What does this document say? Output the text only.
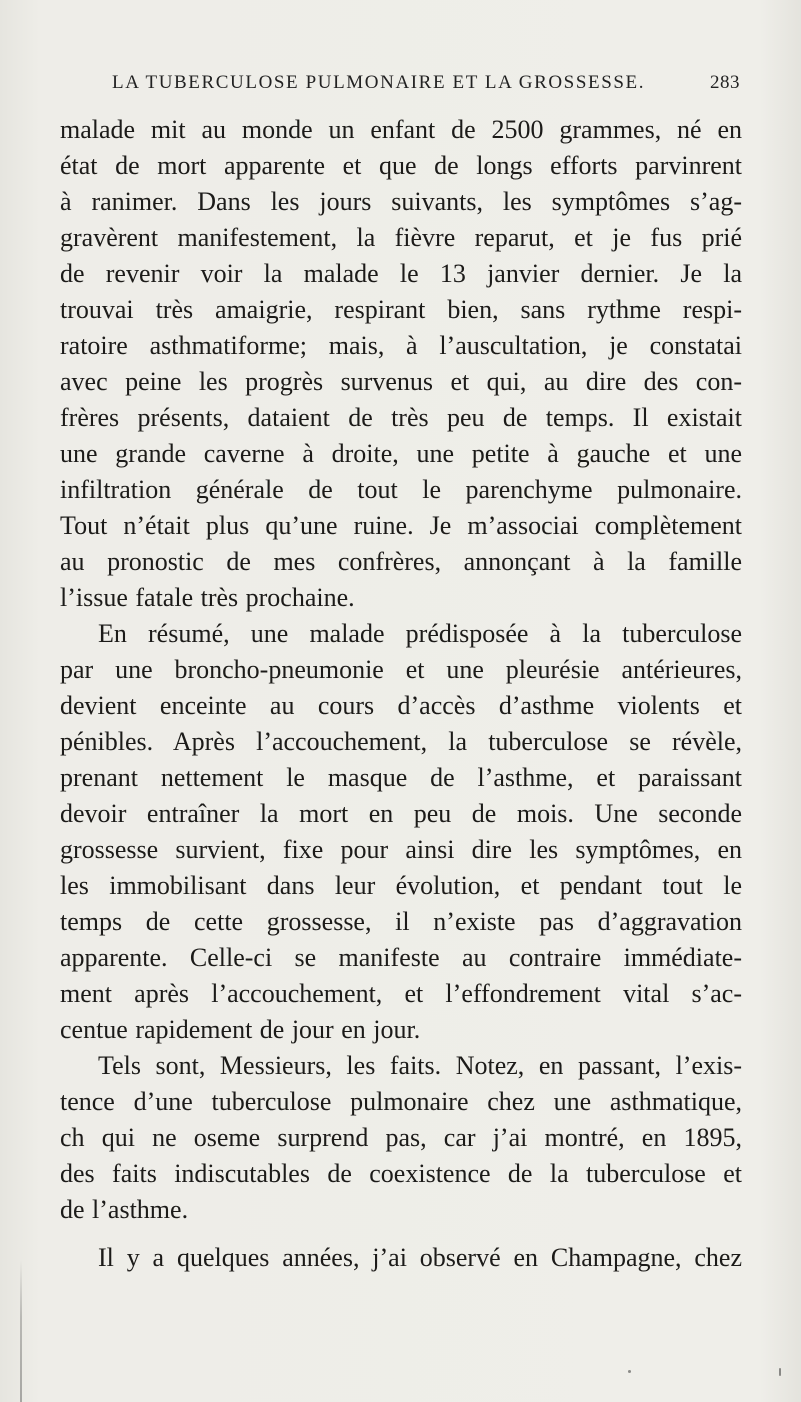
LA TUBERCULOSE PULMONAIRE ET LA GROSSESSE.	283
malade mit au monde un enfant de 2500 grammes, né en
état de mort apparente et que de longs efforts parvinrent
à ranimer. Dans les jours suivants, les symptômes s’ag-
gravèrent manifestement, la fièvre reparut, et je fus prié
de revenir voir la malade le 13 janvier dernier. Je la
trouvai très amaigrie, respirant bien, sans rythme respi-
ratoire asthmatiforme; mais, à l’auscultation, je constatai
avec peine les progrès survenus et qui, au dire des con-
frères présents, dataient de très peu de temps. Il existait
une grande caverne à droite, une petite à gauche et une
infiltration générale de tout le parenchyme pulmonaire.
Tout n’était plus qu’une ruine. Je m’associai complètement
au pronostic de mes confrères, annonçant à la famille
l’issue fatale très prochaine.
En résumé, une malade prédisposée à la tuberculose
par une broncho-pneumonie et une pleurésie antérieures,
devient enceinte au cours d’accès d’asthme violents et
pénibles. Après l’accouchement, la tuberculose se révèle,
prenant nettement le masque de l’asthme, et paraissant
devoir entraîner la mort en peu de mois. Une seconde
grossesse survient, fixe pour ainsi dire les symptômes, en
les immobilisant dans leur évolution, et pendant tout le
temps de cette grossesse, il n’existe pas d’aggravation
apparente. Celle-ci se manifeste au contraire immédiate-
ment après l’accouchement, et l’effondrement vital s’ac-
centue rapidement de jour en jour.
Tels sont, Messieurs, les faits. Notez, en passant, l’exis-
tence d’une tuberculose pulmonaire chez une asthmatique,
ch qui ne oseme surprend pas, car j’ai montré, en 1895,
des faits indiscutables de coexistence de la tuberculose et
de l’asthme.
Il y a quelques années, j’ai observé en Champagne, chez
